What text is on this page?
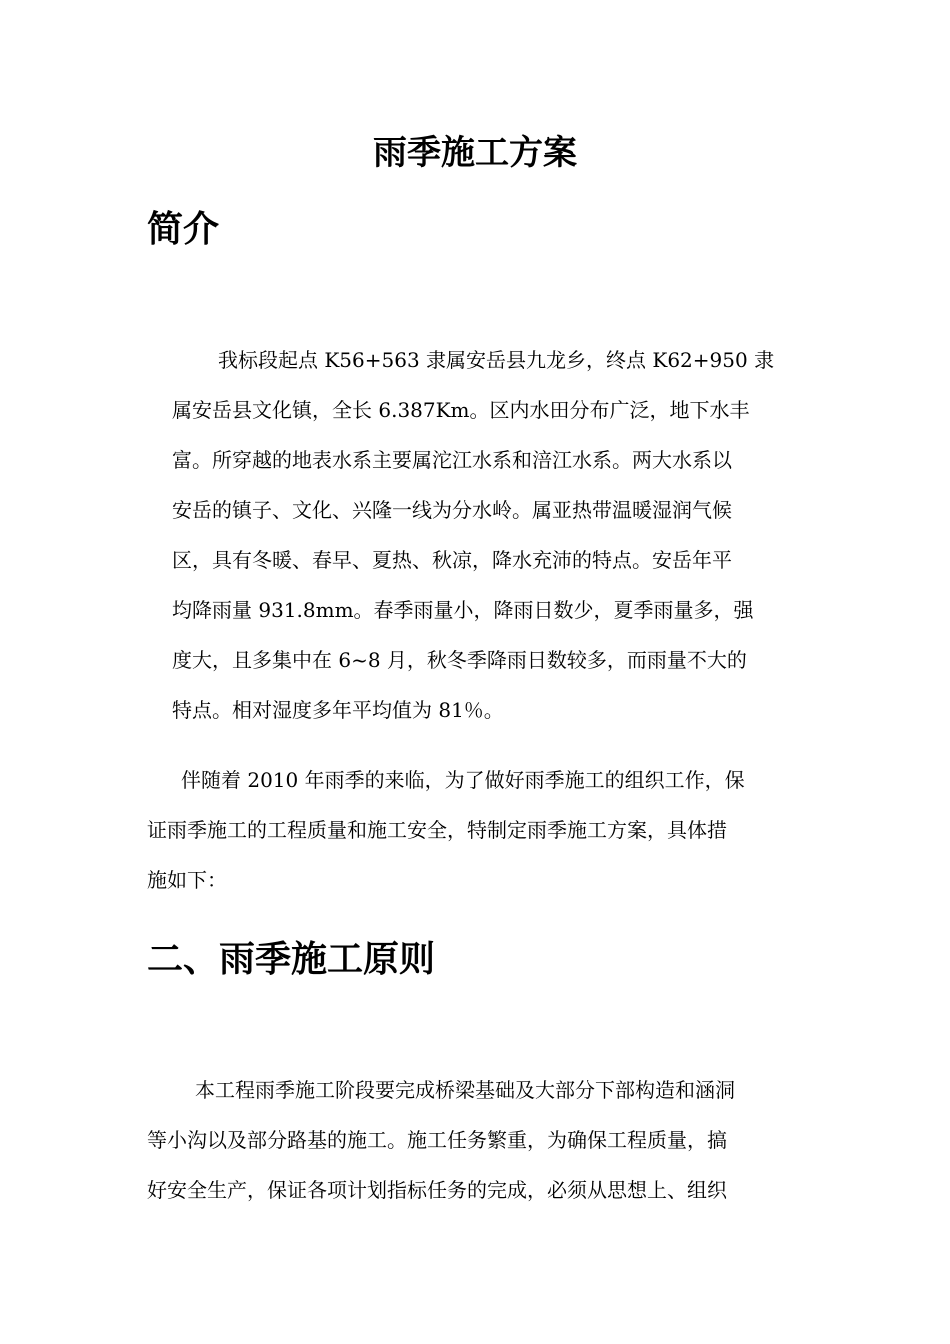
雨季施工方案
简介
我标段起点 K56+563 隶属安岳县九龙乡，终点 K62+950 隶
属安岳县文化镇，全长 6.387Km。区内水田分布广泛，地下水丰
富。所穿越的地表水系主要属沱江水系和涪江水系。两大水系以
安岳的镇子、文化、兴隆一线为分水岭。属亚热带温暖湿润气候
区，具有冬暖、春早、夏热、秋凉，降水充沛的特点。安岳年平
均降雨量 931.8mm。春季雨量小，降雨日数少，夏季雨量多，强
度大，且多集中在 6~8 月，秋冬季降雨日数较多，而雨量不大的
特点。相对湿度多年平均值为 81％。
伴随着 2010 年雨季的来临，为了做好雨季施工的组织工作，保
证雨季施工的工程质量和施工安全，特制定雨季施工方案，具体措
施如下：
二、雨季施工原则
本工程雨季施工阶段要完成桥梁基础及大部分下部构造和涵洞
等小沟以及部分路基的施工。施工任务繁重，为确保工程质量，搞
好安全生产，保证各项计划指标任务的完成，必须从思想上、组织
